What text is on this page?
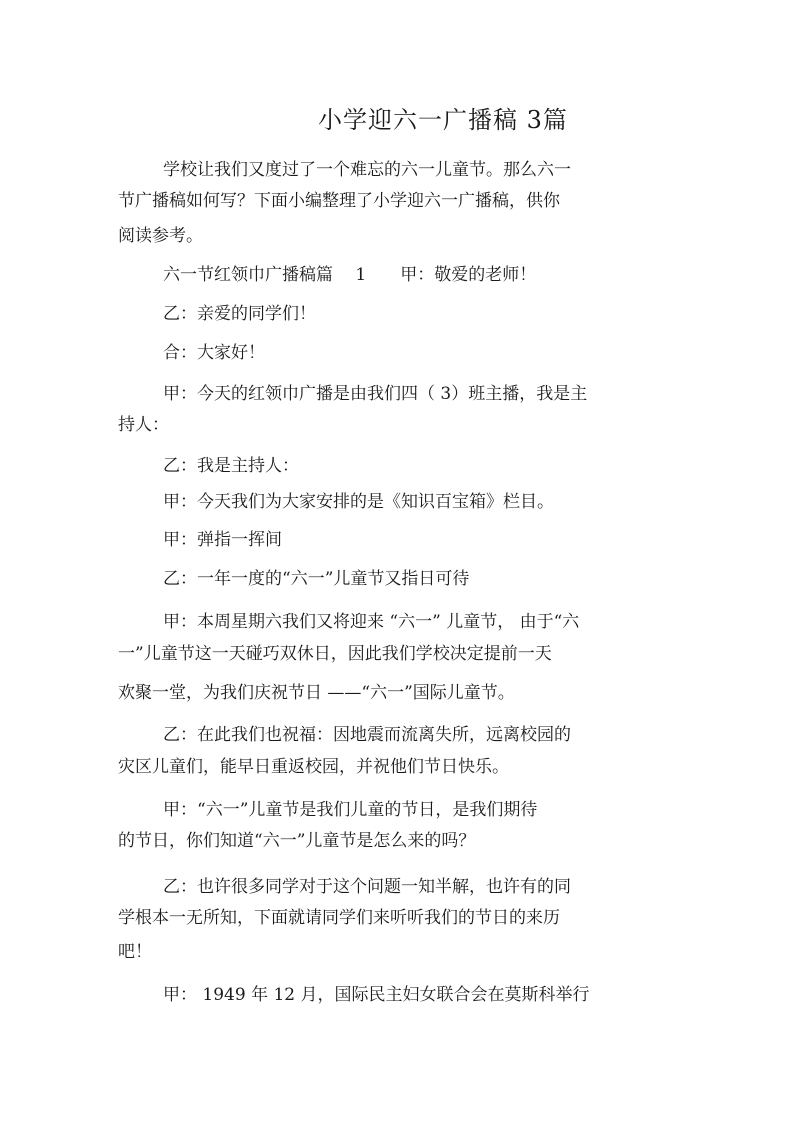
小学迎六一广播稿 3篇
学校让我们又度过了一个难忘的六一儿童节。那么六一
节广播稿如何写？下面小编整理了小学迎六一广播稿，供你
阅读参考。
六一节红领巾广播稿篇　 1　　甲：敬爱的老师！
乙：亲爱的同学们！
合：大家好！
甲：今天的红领巾广播是由我们四（ 3）班主播，我是主
持人：
乙：我是主持人：
甲：今天我们为大家安排的是《知识百宝箱》栏目。
甲：弹指一挥间
乙：一年一度的“六一”儿童节又指日可待
甲：本周星期六我们又将迎来 “六一” 儿童节， 由于“六
一”儿童节这一天碰巧双休日，因此我们学校决定提前一天
欢聚一堂，为我们庆祝节日 ——“六一”国际儿童节。
乙：在此我们也祝福：因地震而流离失所，远离校园的
灾区儿童们，能早日重返校园，并祝他们节日快乐。
甲：“六一”儿童节是我们儿童的节日，是我们期待
的节日，你们知道“六一”儿童节是怎么来的吗？
乙：也许很多同学对于这个问题一知半解，也许有的同
学根本一无所知，下面就请同学们来听听我们的节日的来历
吧！
甲： 1949 年 12 月，国际民主妇女联合会在莫斯科举行
